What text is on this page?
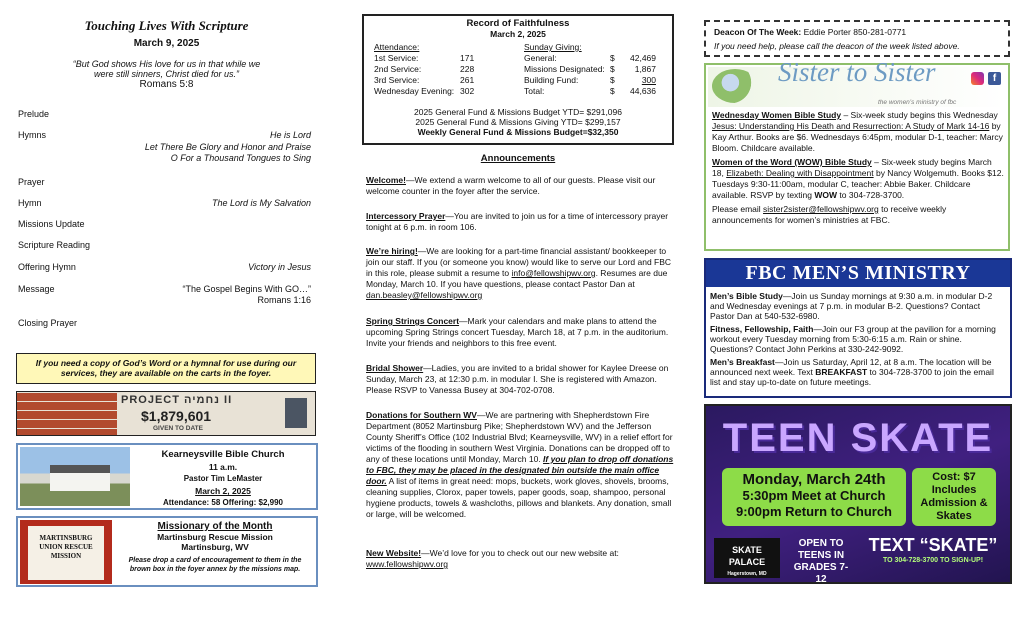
Touching Lives With Scripture
March 9, 2025
“But God shows His love for us in that while we
were still sinners, Christ died for us.”
Romans 5:8
Prelude
Hymns	He is Lord
Let There Be Glory and Honor and Praise
O For a Thousand Tongues to Sing
Prayer
Hymn	The Lord is My Salvation
Missions Update
Scripture Reading
Offering Hymn	Victory in Jesus
Message	“The Gospel Begins With GO…”
Romans 1:16
Closing Prayer
If you need a copy of God’s Word or a hymnal for use during our services, they are available on the carts in the foyer.
PROJECT נחמיה II
$1,879,601
GIVEN TO DATE
Kearneysville Bible Church
11 a.m.
Pastor Tim LeMaster
March 2, 2025
Attendance: 58 Offering: $2,990
MARTINSBURG UNION RESCUE MISSION
Missionary of the Month
Martinsburg Rescue Mission
Martinsburg, WV
Please drop a card of encouragement to them in the brown box in the foyer annex by the missions map.
Record of Faithfulness
March 2, 2025
Attendance:
1st Service:	171
2nd Service:	228
3rd Service:	261
Wednesday Evening: 302
Sunday Giving:
General:	$ 42,469
Missions Designated: $ 1,867
Building Fund:	$	300
Total:	$ 44,636
2025 General Fund & Missions Budget YTD= $291,096
2025 General Fund & Missions Giving YTD= $299,157
Weekly General Fund & Missions Budget=$32,350
Announcements
Welcome!—We extend a warm welcome to all of our guests. Please visit our welcome counter in the foyer after the service.
Intercessory Prayer—You are invited to join us for a time of intercessory prayer tonight at 6 p.m. in room 106.
We’re hiring!—We are looking for a part-time financial assistant/ bookkeeper to join our staff. If you (or someone you know) would like to serve our Lord and FBC in this role, please submit a resume to info@fellowshipwv.org. Resumes are due Monday, March 10. If you have questions, please contact Pastor Dan at dan.beasley@fellowshipwv.org
Spring Strings Concert—Mark your calendars and make plans to attend the upcoming Spring Strings concert Tuesday, March 18, at 7 p.m. in the auditorium. Invite your friends and neighbors to this free event.
Bridal Shower—Ladies, you are invited to a bridal shower for Kaylee Dreese on Sunday, March 23, at 12:30 p.m. in modular I. She is registered with Amazon. Please RSVP to Vanessa Busey at 304-702-0708.
Donations for Southern WV—We are partnering with Shepherdstown Fire Department (8052 Martinsburg Pike; Shepherdstown WV) and the Jefferson County Sheriff’s Office (102 Industrial Blvd; Kearneysville, WV) in a relief effort for victims of the flooding in southern West Virginia. Donations can be dropped off to any of these locations until Monday, March 10. If you plan to drop off donations to FBC, they may be placed in the designated bin outside the main office door. A list of items in great need: mops, buckets, work gloves, shovels, brooms, cleaning supplies, Clorox, paper towels, paper goods, soap, shampoo, personal hygiene products, towels & washcloths, pillows and blankets. Any donation, small or large, will be welcomed.
New Website!—We’d love for you to check out our new website at:
www.fellowshipwv.org
Deacon Of The Week: Eddie Porter 850-281-0771
If you need help, please call the deacon of the week listed above.
Sister to Sister
the women’s ministry of fbc
f

Wednesday Women Bible Study – Six-week study begins this Wednesday Jesus: Understanding His Death and Resurrection: A Study of Mark 14-16 by Kay Arthur. Books are $6. Wednesdays 6:45pm, modular D-1, teacher: Marcy Bloom. Childcare available.

Women of the Word (WOW) Bible Study – Six-week study begins March 18, Elizabeth: Dealing with Disappointment by Nancy Wolgemuth. Books $12. Tuesdays 9:30-11:00am, modular C, teacher: Abbie Baker. Childcare available. RSVP by texting WOW to 304-728-3700.

Please email sister2sister@fellowshipwv.org to receive weekly announcements for women’s ministries at FBC.

FBC MEN’S MINISTRY

Men’s Bible Study—Join us Sunday mornings at 9:30 a.m. in modular D-2 and Wednesday evenings at 7 p.m. in modular B-2. Questions? Contact Pastor Dan at 540-532-6980.

Fitness, Fellowship, Faith—Join our F3 group at the pavilion for a morning workout every Tuesday morning from 5:30-6:15 a.m. Rain or shine. Questions? Contact John Perkins at 330-242-9092.

Men’s Breakfast—Join us Saturday, April 12, at 8 a.m. The location will be announced next week. Text BREAKFAST to 304-728-3700 to join the email list and stay up-to-date on future meetings.

TEEN SKATE
Monday, March 24th
5:30pm Meet at Church
9:00pm Return to Church
Cost: $7 Includes Admission & Skates
SKATE PALACE
Hagerstown, MD
OPEN TO TEENS IN GRADES 7-12
TEXT “SKATE”
TO 304-728-3700 TO SIGN-UP!
